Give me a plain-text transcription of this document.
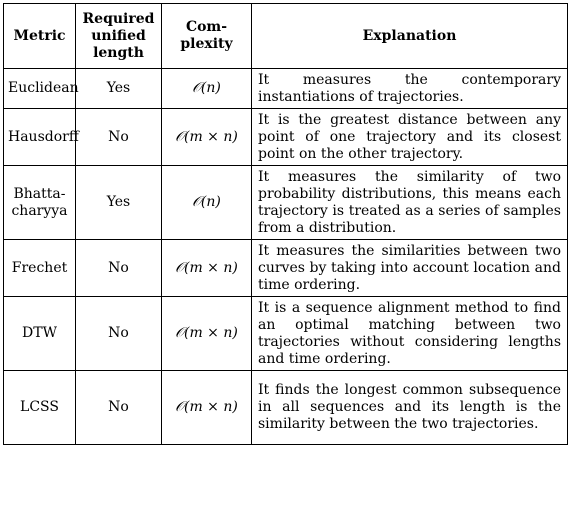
Metric	Required unified length	Com- plexity	Explanation
Euclidean	Yes	𝒪(n)	It measures the contemporary instantiations of trajectories.
Hausdorff	No	𝒪(m × n)	It is the greatest distance between any point of one trajectory and its closest point on the other trajectory.
Bhatta- charyya	Yes	𝒪(n)	It measures the similarity of two probability distributions, this means each trajectory is treated as a series of samples from a distribution.
Frechet	No	𝒪(m × n)	It measures the similarities between two curves by taking into account location and time ordering.
DTW	No	𝒪(m × n)	It is a sequence alignment method to find an optimal matching between two trajectories without considering lengths and time ordering.
LCSS	No	𝒪(m × n)	It finds the longest common subsequence in all sequences and its length is the similarity between the two trajectories.
